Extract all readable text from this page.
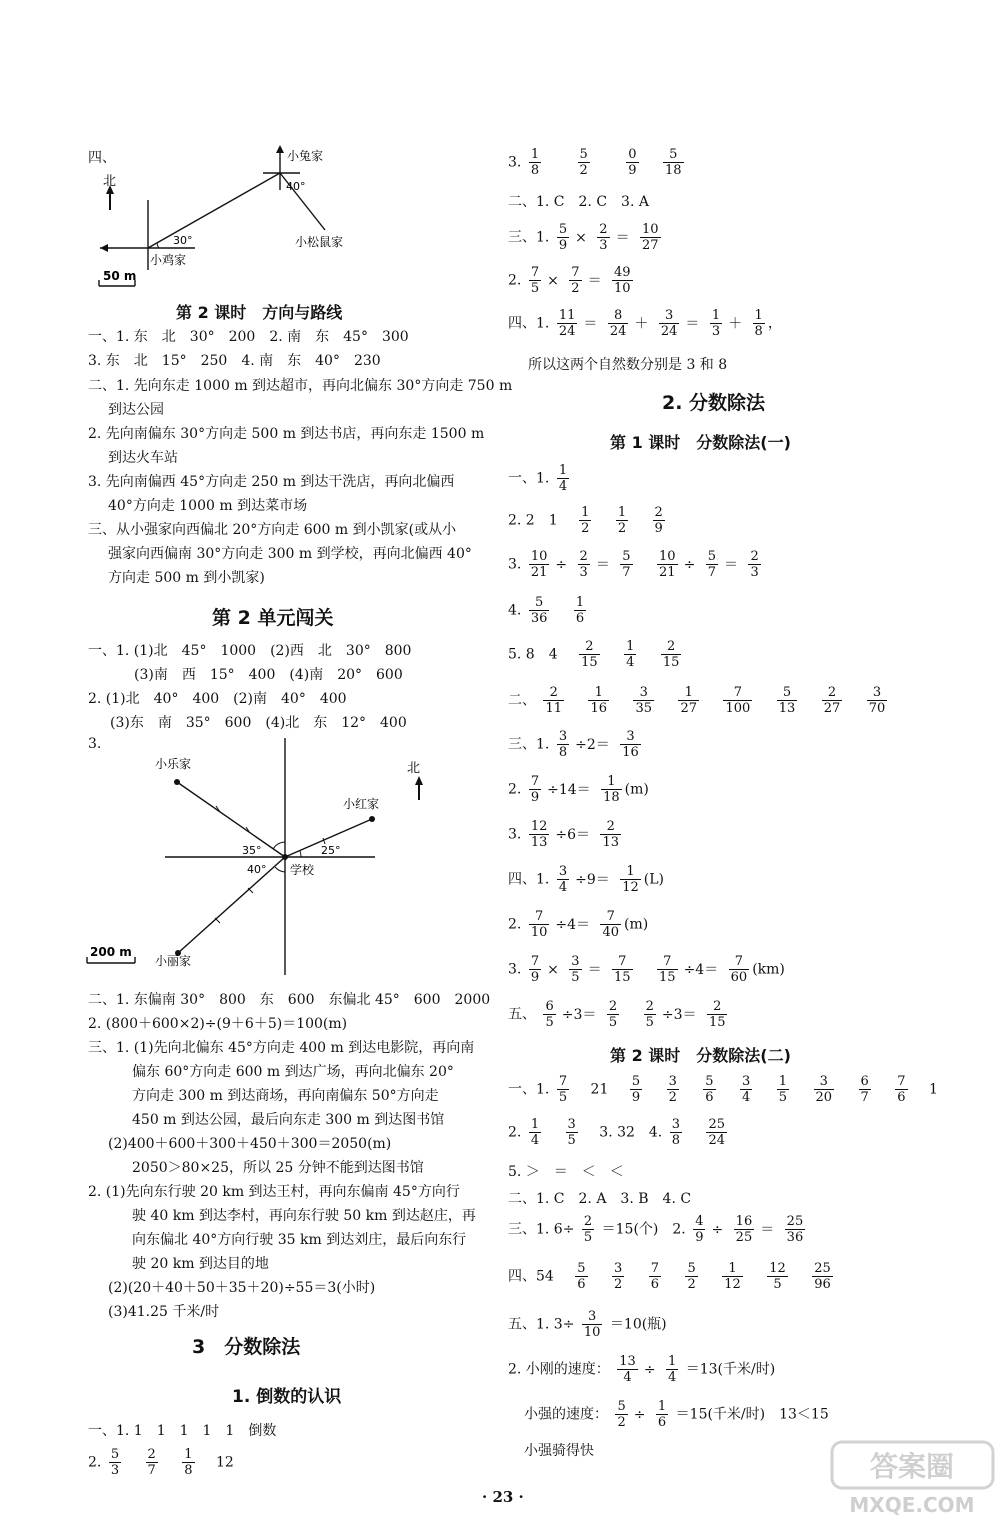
四、
北
小兔家
40°
30°	小松鼠家
小鸡家
50 m
第 2 课时　方向与路线
一、1. 东　北　30°　200　2. 南　东　45°　300
3. 东　北　15°　250　4. 南　东　40°　230
二、1. 先向东走 1000 m 到达超市，再向北偏东 30°方向走 750 m
到达公园
2. 先向南偏东 30°方向走 500 m 到达书店，再向东走 1500 m
到达火车站
3. 先向南偏西 45°方向走 250 m 到达干洗店，再向北偏西
40°方向走 1000 m 到达菜市场
三、从小强家向西偏北 20°方向走 600 m 到小凯家(或从小
强家向西偏南 30°方向走 300 m 到学校，再向北偏西 40°
方向走 500 m 到小凯家)
第 2 单元闯关
一、1. (1)北　45°　1000　(2)西　北　30°　800
(3)南　西　15°　400　(4)南　20°　600
2. (1)北　40°　400　(2)南　40°　400
(3)东　南　35°　600　(4)北　东　12°　400
3.
小乐家
小红家
小丽家
学校
35°
40°
25°
北
200 m
二、1. 东偏南 30°　800　东　600　东偏北 45°　600　2000
2. (800＋600×2)÷(9＋6＋5)＝100(m)
三、1. (1)先向北偏东 45°方向走 400 m 到达电影院，再向南
偏东 60°方向走 600 m 到达广场，再向北偏东 20°
方向走 300 m 到达商场，再向南偏东 50°方向走
450 m 到达公园，最后向东走 300 m 到达图书馆
(2)400＋600＋300＋450＋300＝2050(m)
2050＞80×25，所以 25 分钟不能到达图书馆
2. (1)先向东行驶 20 km 到达王村，再向东偏南 45°方向行
驶 40 km 到达李村，再向东行驶 50 km 到达赵庄，再
向东偏北 40°方向行驶 35 km 到达刘庄，最后向东行
驶 20 km 到达目的地
(2)(20＋40＋50＋35＋20)÷55＝3(小时)
(3)41.25 千米/时
3　分数除法
1. 倒数的认识
一、1. 1　1　1　1　1　倒数
2. $\frac{5}{3}$
$\frac{2}{7}$
$\frac{1}{8} 12$
3. $\frac{1}{8}$
	$\frac{5}{2}$
	$\frac{0}{9}$
$\frac{5}{18}$
二、1. C　2. C　3. A
三、1. $\frac{5}{9} \times \frac{2}{3} = \frac{10}{27}$
2. $\frac{7}{5} \times \frac{7}{2} = \frac{49}{10}$
四、1. $\frac{11}{24} = \frac{8}{24} + \frac{3}{24} = \frac{1}{3} + \frac{1}{8}$ ，
所以这两个自然数分别是 3 和 8
2. 分数除法
第 1 课时　分数除法(一)
一、1. $\frac{1}{4}$
2. 2　$1 \frac{1}{2}$
$\frac{1}{2}$
$\frac{2}{9}$
3. $\frac{10}{21} \div \frac{2}{3} = \frac{5}{7}$
$\frac{10}{21} \div \frac{5}{7} = \frac{2}{3}$
4. $\frac{5}{36}$
$\frac{1}{6}$
5. 8　$4 \frac{2}{15}$
$\frac{1}{4}$
$\frac{2}{15}$
二、 $\frac{2}{11}$
$\frac{1}{16}$
$\frac{3}{35}$
$\frac{1}{27}$
$\frac{7}{100}$
$\frac{5}{13}$
$\frac{2}{27}$
$\frac{3}{70}$
三、1. $\frac{3}{8} \div 2= \frac{3}{16}$
2. $\frac{7}{9} \div 14= \frac{1}{18} (m)$
3. $\frac{12}{13} \div 6= \frac{2}{13}$
四、1. $\frac{3}{4} \div 9= \frac{1}{12} (L)$
2. $\frac{7}{10} \div 4= \frac{7}{40} (m)$
3. $\frac{7}{9} \times \frac{3}{5} = \frac{7}{15}$
$\frac{7}{15} \div 4= \frac{7}{60} (km)$
五、 $\frac{6}{5} \div 3= \frac{2}{5}$
$\frac{2}{5} \div 3= \frac{2}{15}$
第 2 课时　分数除法(二)
一、1. $\frac{7}{5} 21 \frac{5}{9}$
$\frac{3}{2}$
$\frac{5}{6}$
$\frac{3}{4}$
$\frac{1}{5}$
$\frac{3}{20}$
$\frac{6}{7}$
$\frac{7}{6} 1$
2. $\frac{1}{4}$
$\frac{3}{5} 3$. 32　4. $\frac{3}{8}$
$\frac{25}{24}$
5. ＞　＝　＜　＜
二、1. C　2. A　3. B　4. C
三、1. $6\div \frac{2}{5} =15$(个)　2. $\frac{4}{9} \div \frac{16}{25} = \frac{25}{36}$
四、$54 \frac{5}{6}$
$\frac{3}{2}$
$\frac{7}{6}$
$\frac{5}{2}$
$\frac{1}{12}$
$\frac{12}{5}$
$\frac{25}{96}$
五、1. $3\div \frac{3}{10} =10$(瓶)
2. 小刚的速度： $\frac{13}{4} \div \frac{1}{4} =13$(千米/时)
小强的速度： $\frac{5}{2} \div \frac{1}{6} =15$(千米/时)　13＜15
小强骑得快
· 23 ·
答案圈
MXQE.COM
